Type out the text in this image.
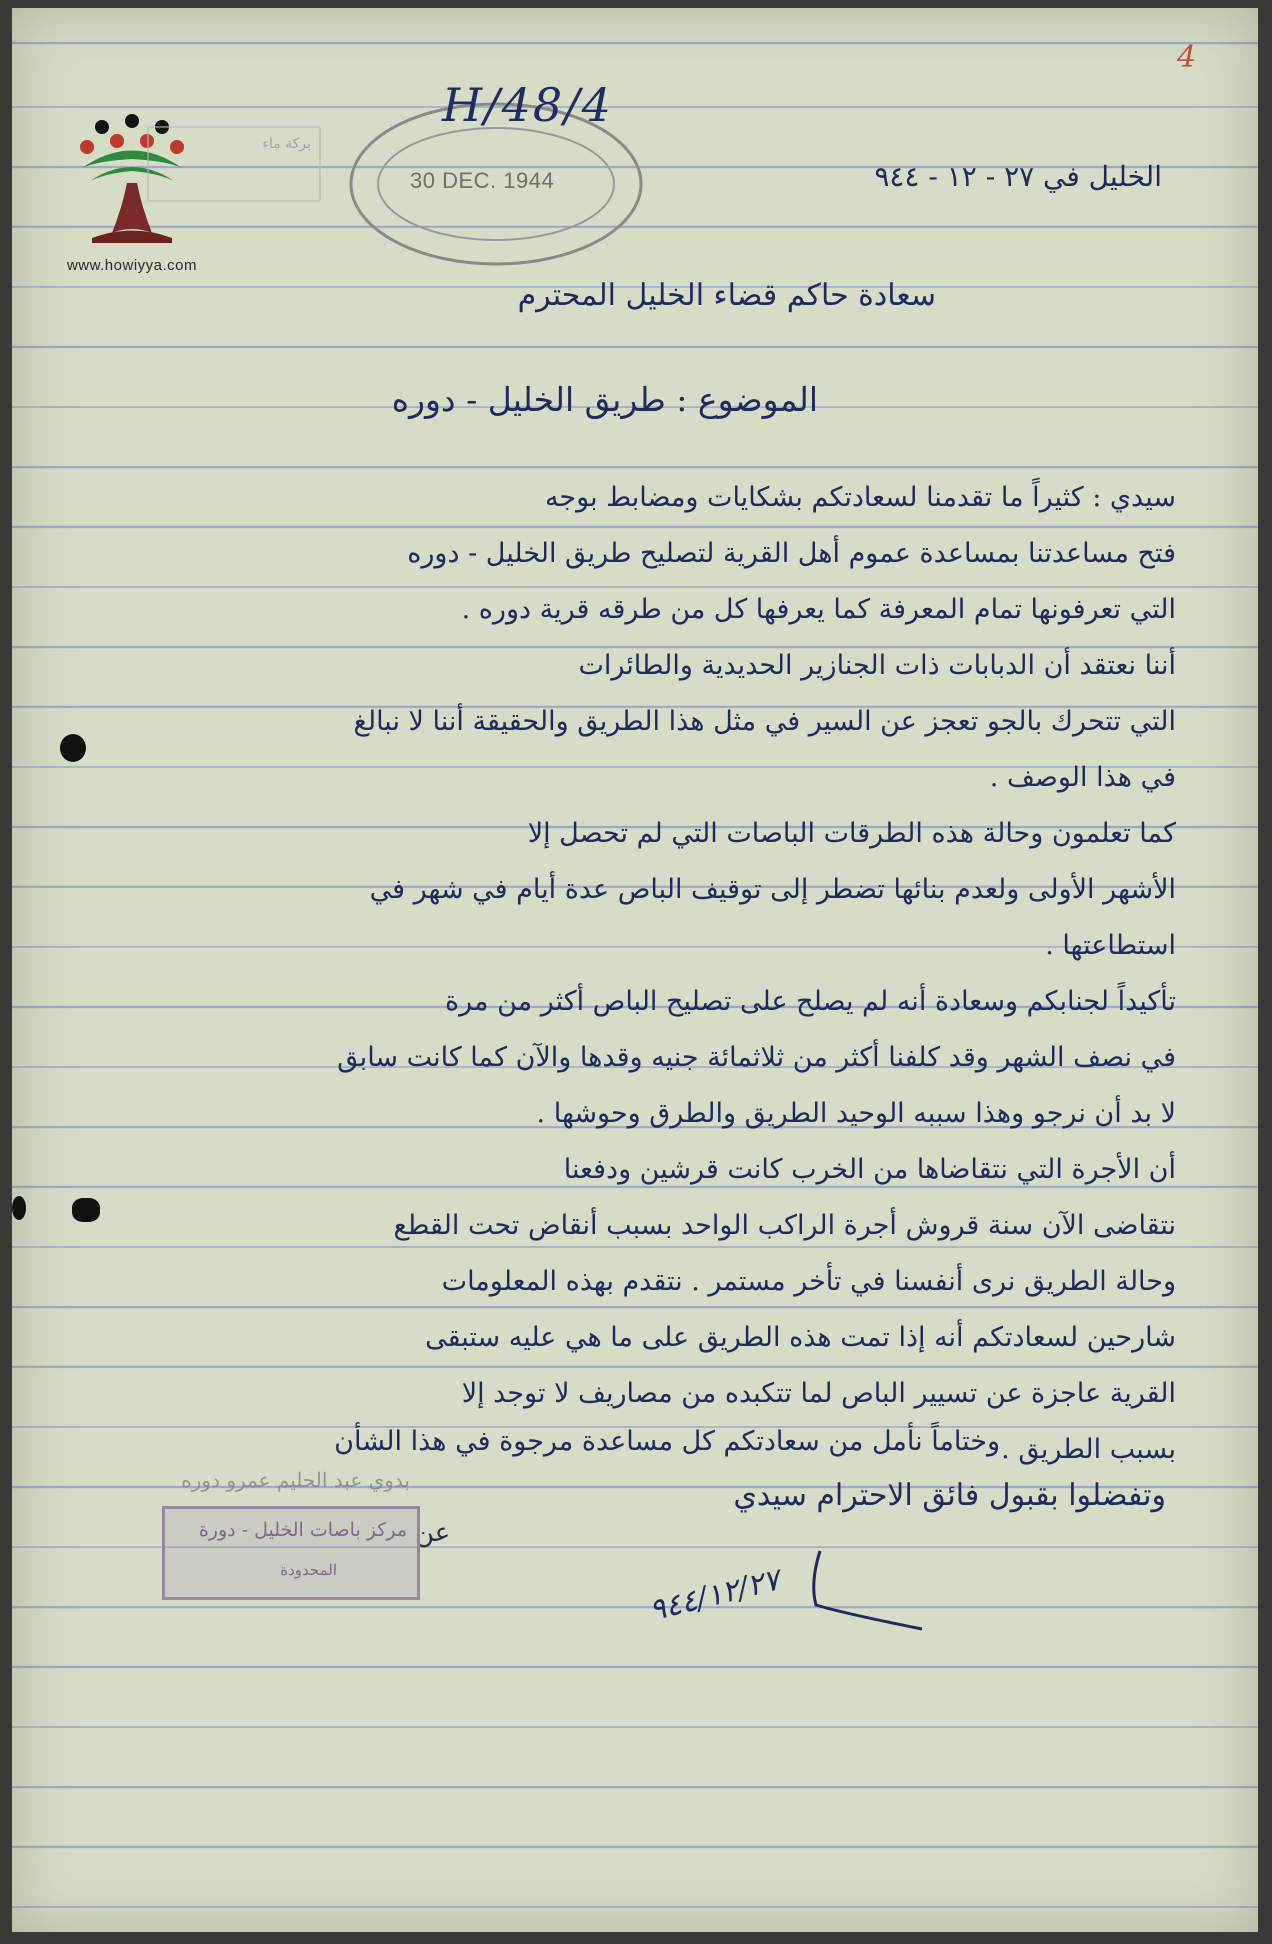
4
www.howiyya.com
بركة ماء
30 DEC. 1944
H/48/4
الخليل في ٢٧ - ١٢ - ٩٤٤
سعادة حاكم قضاء الخليل المحترم
الموضوع : طريق الخليل - دوره
سيدي : كثيراً ما تقدمنا لسعادتكم بشكايات ومضابط بوجه
فتح مساعدتنا بمساعدة عموم أهل القرية لتصليح طريق الخليل - دوره
التي تعرفونها تمام المعرفة كما يعرفها كل من طرقه قرية دوره .
أننا نعتقد أن الدبابات ذات الجنازير الحديدية والطائرات
التي تتحرك بالجو تعجز عن السير في مثل هذا الطريق والحقيقة أننا لا نبالغ
في هذا الوصف .
كما تعلمون وحالة هذه الطرقات الباصات التي لم تحصل إلا
الأشهر الأولى ولعدم بنائها تضطر إلى توقيف الباص عدة أيام في شهر في
استطاعتها .
تأكيداً لجنابكم وسعادة أنه لم يصلح على تصليح الباص أكثر من مرة
في نصف الشهر وقد كلفنا أكثر من ثلاثمائة جنيه وقدها والآن كما كانت سابق
لا بد أن نرجو وهذا سببه الوحيد الطريق والطرق وحوشها .
أن الأجرة التي نتقاضاها من الخرب كانت قرشين ودفعنا
نتقاضى الآن سنة قروش أجرة الراكب الواحد بسبب أنقاض تحت القطع
وحالة الطريق نرى أنفسنا في تأخر مستمر . نتقدم بهذه المعلومات
شارحين لسعادتكم أنه إذا تمت هذه الطريق على ما هي عليه ستبقى
القرية عاجزة عن تسيير الباص لما تتكبده من مصاريف لا توجد إلا
بسبب الطريق .
وختاماً نأمل من سعادتكم كل مساعدة مرجوة في هذا الشأن
وتفضلوا بقبول فائق الاحترام سيدي
بدوي عبد الحليم عمرو دوره
عن
مركز باصات الخليل - دورة
المحدودة	٩٤٤/١٢/٢٧
